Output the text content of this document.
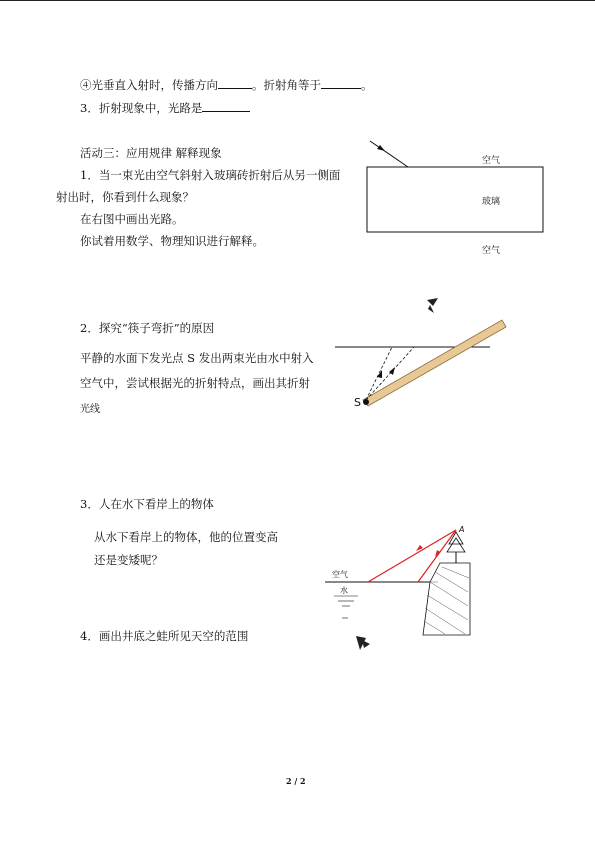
④光垂直入射时，传播方向	。折射角等于	。
3．折射现象中，光路是
活动三：应用规律 解释现象
1．当一束光由空气斜射入玻璃砖折射后从另一侧面
射出时，你看到什么现象？
在右图中画出光路。
你试着用数学、物理知识进行解释。
空气
玻璃
空气
2．探究“筷子弯折”的原因
平静的水面下发光点 S 发出两束光由水中射入
空气中，尝试根据光的折射特点，画出其折射
光线
S
3．人在水下看岸上的物体
从水下看岸上的物体，他的位置变高
还是变矮呢？
A
空气
水
4．画出井底之蛙所见天空的范围
2 / 2
